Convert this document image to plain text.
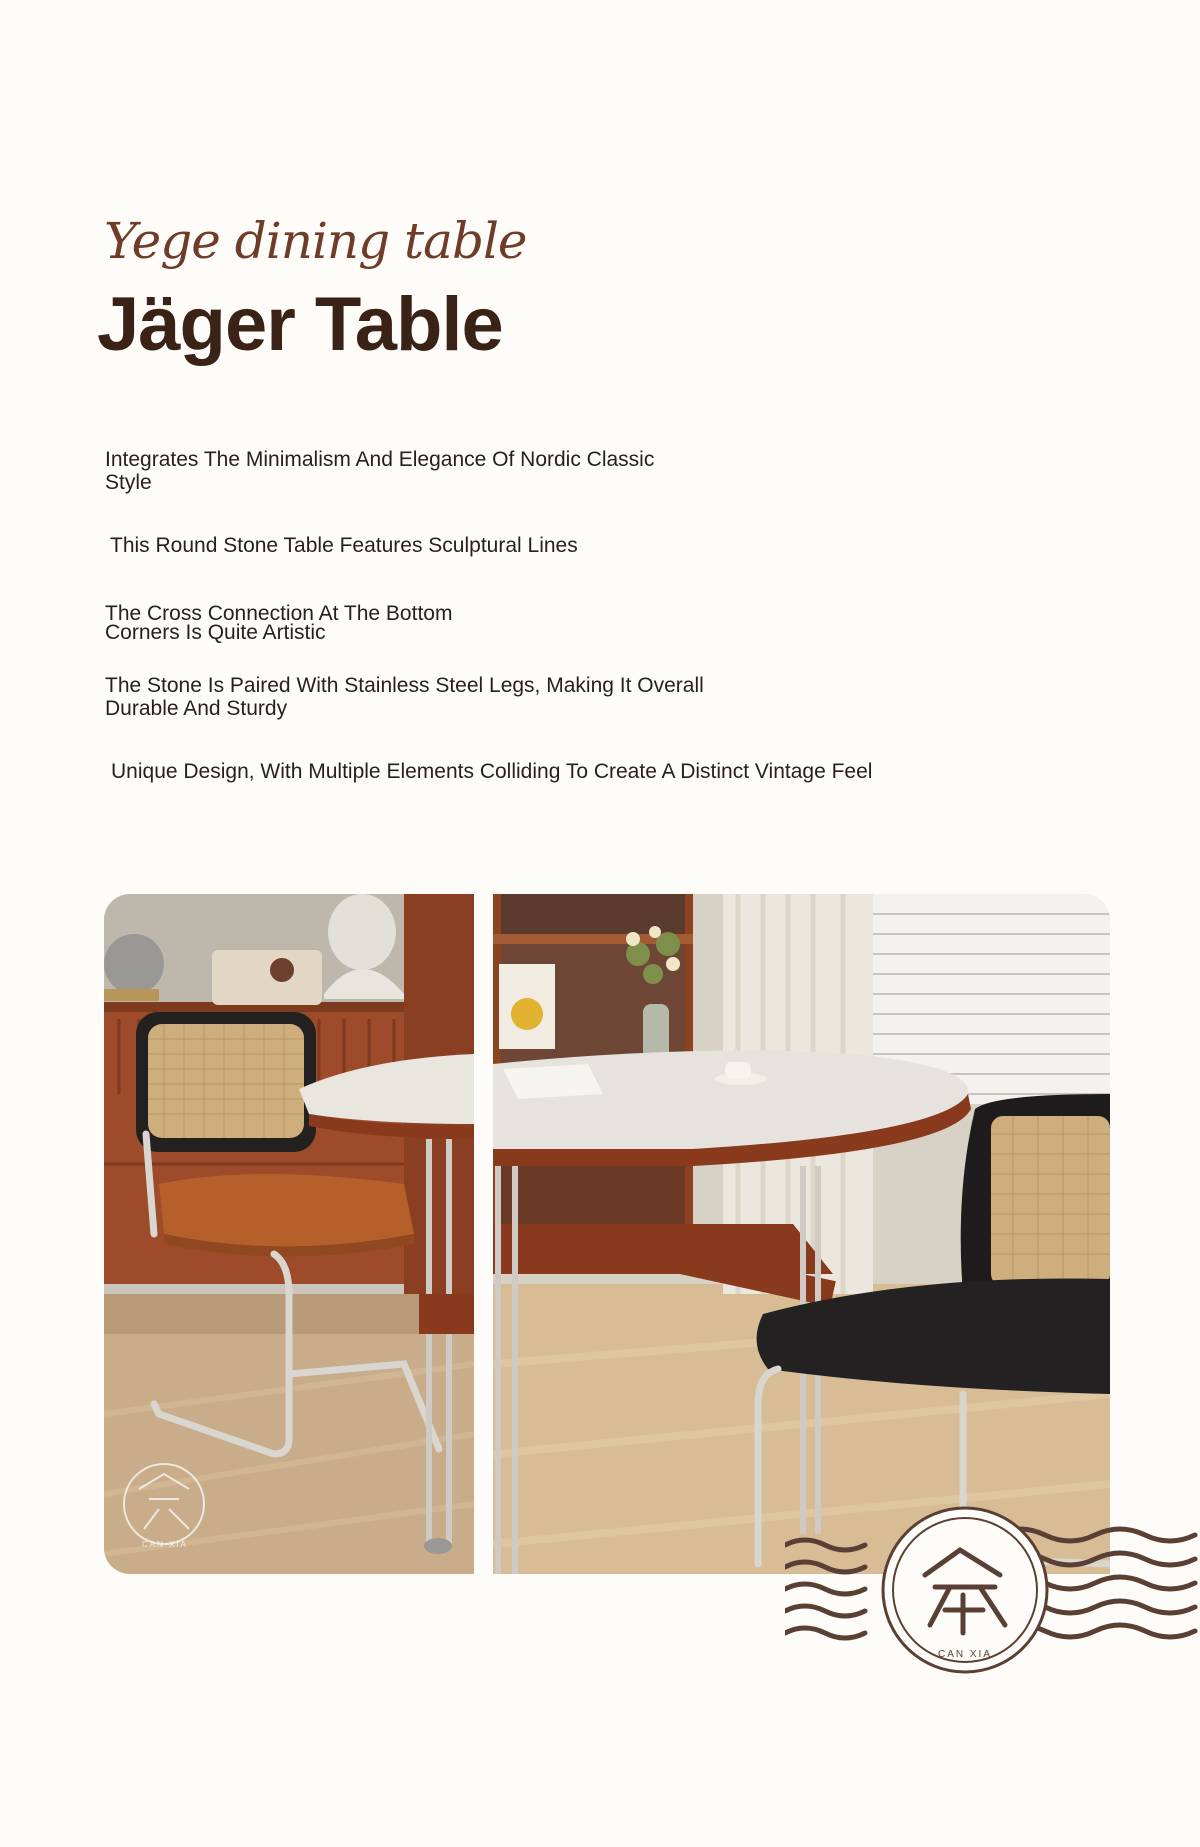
Yege dining table
Jäger Table

Integrates The Minimalism And Elegance Of Nordic Classic Style

This Round Stone Table Features Sculptural Lines

The Cross Connection At The Bottom Corners Is Quite Artistic

The Stone Is Paired With Stainless Steel Legs, Making It Overall Durable And Sturdy

Unique Design, With Multiple Elements Colliding To Create A Distinct Vintage Feel

CAN XIA
CAN XIA
